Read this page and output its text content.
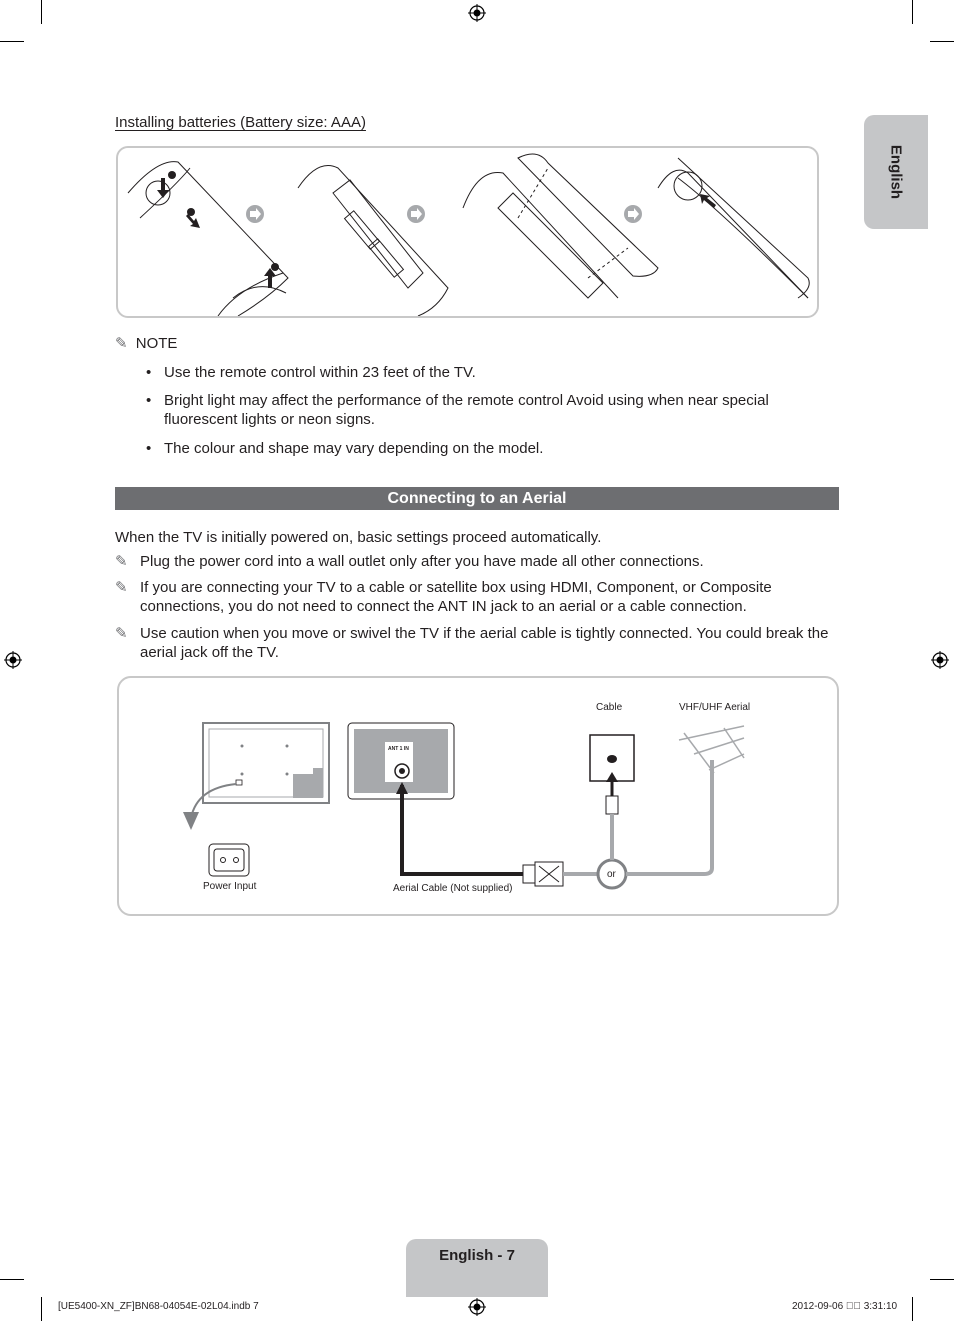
English
Installing batteries (Battery size: AAA)
✎ NOTE
• Use the remote control within 23 feet of the TV.
• Bright light may affect the performance of the remote control Avoid using when near special fluorescent lights or neon signs.
• The colour and shape may vary depending on the model.
Connecting to an Aerial
When the TV is initially powered on, basic settings proceed automatically.
✎ Plug the power cord into a wall outlet only after you have made all other connections.
✎ If you are connecting your TV to a cable or satellite box using HDMI, Component, or Composite connections, you do not need to connect the ANT IN jack to an aerial or a cable connection.
✎ Use caution when you move or swivel the TV if the aerial cable is tightly connected. You could break the aerial jack off the TV.
ANT 1 IN
Power Input	Aerial Cable (Not supplied)
Cable	VHF/UHF Aerial
or
English - 7
[UE5400-XN_ZF]BN68-04054E-02L04.indb 7	2012-09-06 ￿￿ 3:31:10
